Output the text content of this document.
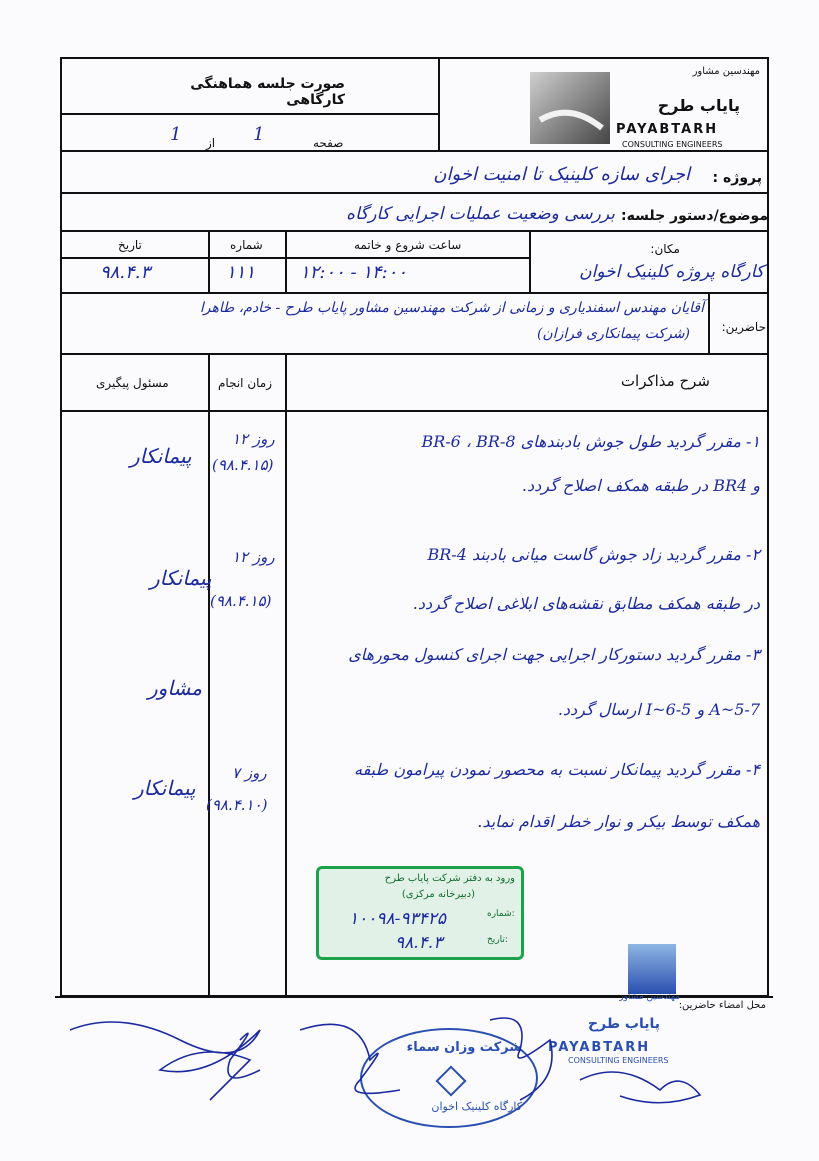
مهندسین مشاور
پایاب طرح
PAYABTARH
CONSULTING ENGINEERS
صورت جلسه هماهنگی کارگاهی
صفحه
1
از
1
پروژه :
اجرای سازه کلینیک تا امنیت اخوان
موضوع/دستور جلسه:
بررسی وضعیت عملیات اجرایی کارگاه
مکان:
کارگاه پروژه کلینیک اخوان
ساعت شروع و خاتمه
۱۲:۰۰ - ۱۴:۰۰
شماره
۱۱۱
تاریخ
۹۸.۴.۳
حاضرین:
آقایان مهندس اسفندیاری و زمانی از شرکت مهندسین مشاور پایاب طرح - خادم، طاهرا
(شرکت پیمانکاری فرازان)
شرح مذاکرات
زمان انجام
مسئول پیگیری
۱- مقرر گردید طول جوش بادبندهای BR-6 ، BR-8
و BR4 در طبقه همکف اصلاح گردد.
۱۲ روز
(۹۸.۴.۱۵)
پیمانکار
۲- مقرر گردید زاد جوش گاست میانی بادبند BR-4
در طبقه همکف مطابق نقشه‌های ابلاغی اصلاح گردد.
۱۲ روز
(۹۸.۴.۱۵)
پیمانکار
۳- مقرر گردید دستورکار اجرایی جهت اجرای کنسول محورهای
5-7~A و 5-6~I ارسال گردد.
مشاور
۴- مقرر گردید پیمانکار نسبت به محصور نمودن پیرامون طبقه
همکف توسط بیکر و نوار خطر اقدام نماید.
۷ روز
(۹۸.۴.۱۰)
پیمانکار
ورود به دفتر شرکت پایاب طرح
(دبیرخانه مرکزی)
شماره:
۱۰۰۹۸-۹۳۴۲۵
تاریخ:
۹۸.۴.۳
محل امضاء حاضرین:
مهندسین مشاور
پایاب طرح
PAYABTARH
CONSULTING ENGINEERS
شرکت وزان سماء
کارگاه کلینیک اخوان
